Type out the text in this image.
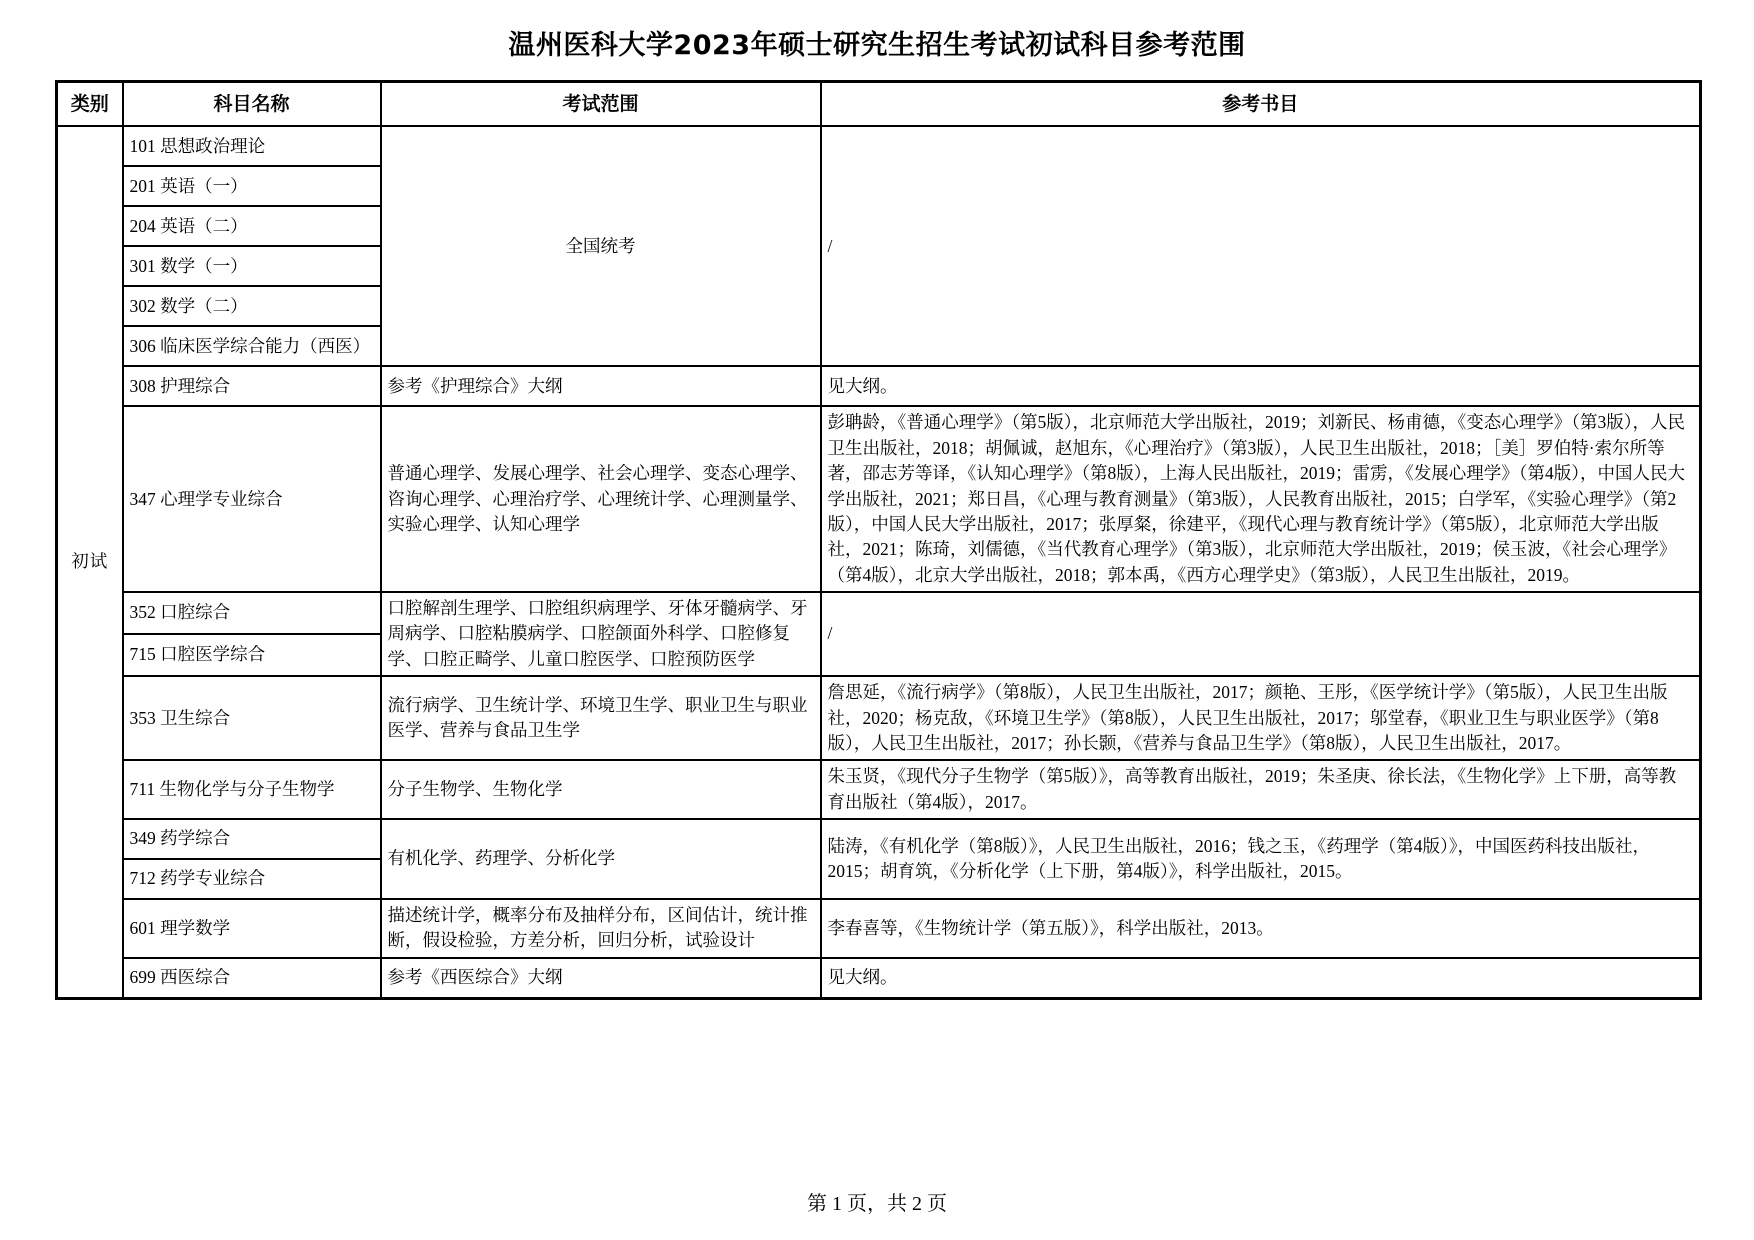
温州医科大学2023年硕士研究生招生考试初试科目参考范围
类别	科目名称	考试范围	参考书目
初试	101 思想政治理论	全国统考	/
	201 英语（一）		
	204 英语（二）		
	301 数学（一）		
	302 数学（二）		
	306 临床医学综合能力（西医）		
	308 护理综合	参考《护理综合》大纲	见大纲。
	347 心理学专业综合	普通心理学、发展心理学、社会心理学、变态心理学、咨询心理学、心理治疗学、心理统计学、心理测量学、实验心理学、认知心理学	彭聃龄，《普通心理学》（第5版），北京师范大学出版社，2019；刘新民、杨甫德，《变态心理学》（第3版），人民卫生出版社，2018；胡佩诚，赵旭东，《心理治疗》（第3版），人民卫生出版社，2018；［美］罗伯特·索尔所等著，邵志芳等译，《认知心理学》（第8版），上海人民出版社，2019；雷雳，《发展心理学》（第4版），中国人民大学出版社，2021；郑日昌，《心理与教育测量》（第3版），人民教育出版社，2015；白学军，《实验心理学》（第2版），中国人民大学出版社，2017；张厚粲，徐建平，《现代心理与教育统计学》（第5版），北京师范大学出版社，2021；陈琦，刘儒德，《当代教育心理学》（第3版），北京师范大学出版社，2019；侯玉波，《社会心理学》（第4版），北京大学出版社，2018；郭本禹，《西方心理学史》（第3版），人民卫生出版社，2019。
	352 口腔综合	口腔解剖生理学、口腔组织病理学、牙体牙髓病学、牙周病学、口腔粘膜病学、口腔颌面外科学、口腔修复学、口腔正畸学、儿童口腔医学、口腔预防医学	/
	715 口腔医学综合		
	353 卫生综合	流行病学、卫生统计学、环境卫生学、职业卫生与职业医学、营养与食品卫生学	詹思延，《流行病学》（第8版），人民卫生出版社，2017；颜艳、王彤，《医学统计学》（第5版），人民卫生出版社，2020；杨克敌，《环境卫生学》（第8版），人民卫生出版社，2017；邬堂春，《职业卫生与职业医学》（第8版），人民卫生出版社，2017；孙长颢，《营养与食品卫生学》（第8版），人民卫生出版社，2017。
	711 生物化学与分子生物学	分子生物学、生物化学	朱玉贤，《现代分子生物学（第5版）》，高等教育出版社，2019；朱圣庚、徐长法，《生物化学》上下册，高等教育出版社（第4版），2017。
	349 药学综合	有机化学、药理学、分析化学	陆涛，《有机化学（第8版）》，人民卫生出版社，2016；钱之玉，《药理学（第4版）》，中国医药科技出版社，2015；胡育筑，《分析化学（上下册，第4版）》，科学出版社，2015。
	712 药学专业综合		
	601 理学数学	描述统计学，概率分布及抽样分布，区间估计，统计推断，假设检验，方差分析，回归分析，试验设计	李春喜等，《生物统计学（第五版）》，科学出版社，2013。
	699 西医综合	参考《西医综合》大纲	见大纲。
第 1 页，共 2 页
